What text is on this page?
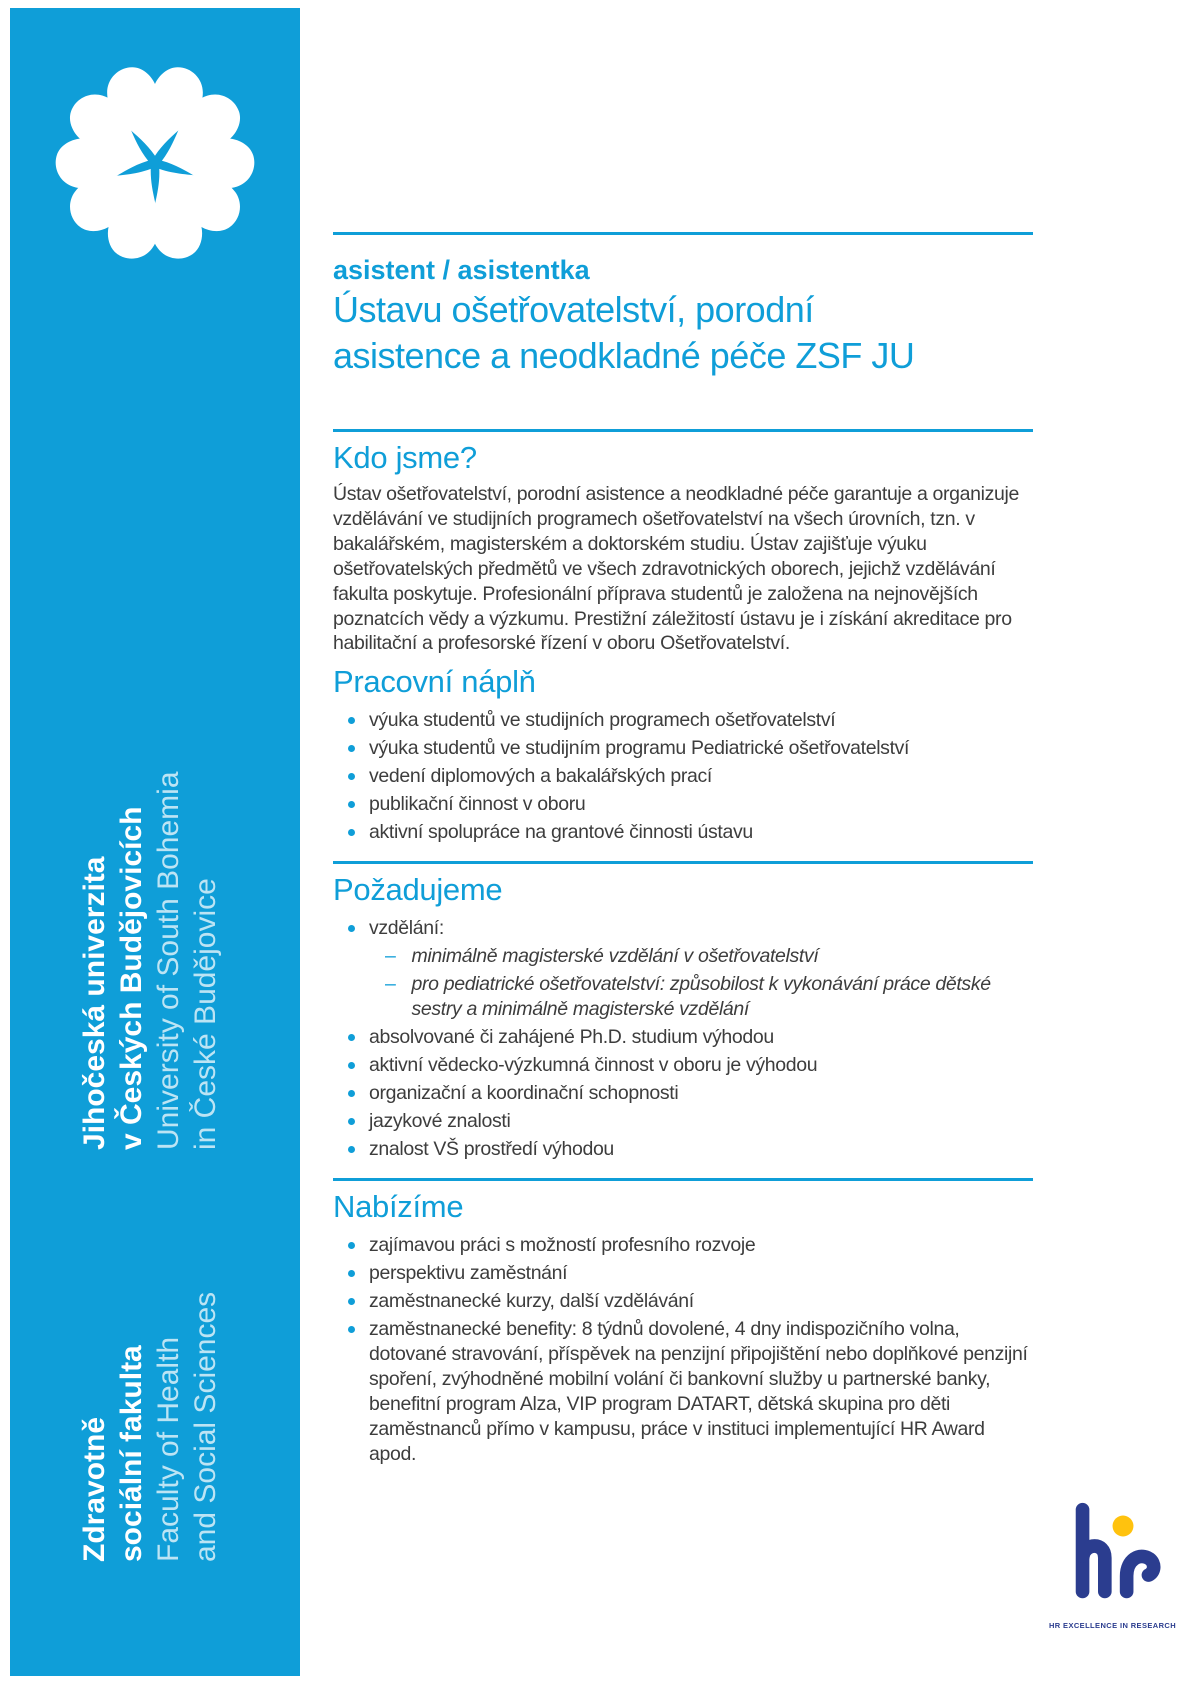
Jihočeská univerzita v Českých Budějovicích University of South Bohemia in České Budějovice
Zdravotně sociální fakulta Faculty of Health and Social Sciences
asistent / asistentka
Ústavu ošetřovatelství, porodní
asistence a neodkladné péče ZSF JU
Kdo jsme?

Ústav ošetřovatelství, porodní asistence a neodkladné péče garantuje a organizuje vzdělávání ve studijních programech ošetřovatelství na všech úrovních, tzn. v bakalářském, magisterském a doktorském studiu. Ústav zajišťuje výuku ošetřovatelských předmětů ve všech zdravotnických oborech, jejichž vzdělávání fakulta poskytuje. Profesionální příprava studentů je založena na nejnovějších poznatcích vědy a výzkumu. Prestižní záležitostí ústavu je i získání akreditace pro habilitační a profesorské řízení v oboru Ošetřovatelství.

Pracovní náplň
výuka studentů ve studijních programech ošetřovatelství
výuka studentů ve studijním programu Pediatrické ošetřovatelství
vedení diplomových a bakalářských prací
publikační činnost v oboru
aktivní spolupráce na grantové činnosti ústavu
Požadujeme
vzdělání:
– minimálně magisterské vzdělání v ošetřovatelství
– pro pediatrické ošetřovatelství: způsobilost k vykonávání práce dětské sestry a minimálně magisterské vzdělání
absolvované či zahájené Ph.D. studium výhodou
aktivní vědecko-výzkumná činnost v oboru je výhodou
organizační a koordinační schopnosti
jazykové znalosti
znalost VŠ prostředí výhodou
Nabízíme
zajímavou práci s možností profesního rozvoje
perspektivu zaměstnání
zaměstnanecké kurzy, další vzdělávání
zaměstnanecké benefity: 8 týdnů dovolené, 4 dny indispozičního volna, dotované stravování, příspěvek na penzijní připojištění nebo doplňkové penzijní spoření, zvýhodněné mobilní volání či bankovní služby u partnerské banky, benefitní program Alza, VIP program DATART, dětská skupina pro děti zaměstnanců přímo v kampusu, práce v instituci implementující HR Award apod.
HR EXCELLENCE IN RESEARCH
